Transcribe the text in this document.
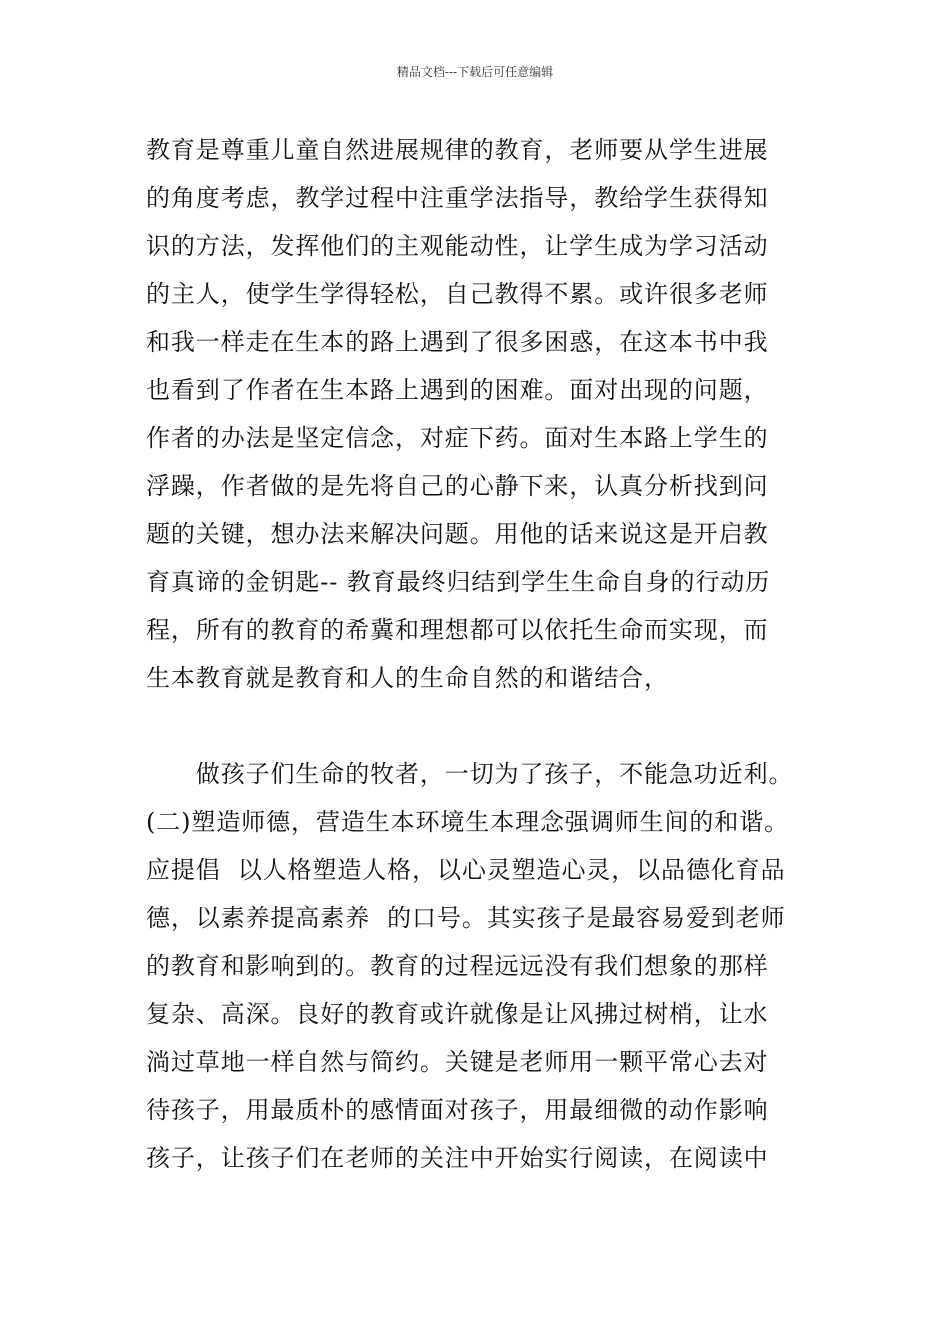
精品文档---下载后可任意编辑
教育是尊重儿童自然进展规律的教育，老师要从学生进展
的角度考虑，教学过程中注重学法指导，教给学生获得知
识的方法，发挥他们的主观能动性，让学生成为学习活动
的主人，使学生学得轻松，自己教得不累。或许很多老师
和我一样走在生本的路上遇到了很多困惑，在这本书中我
也看到了作者在生本路上遇到的困难。面对出现的问题，
作者的办法是坚定信念，对症下药。面对生本路上学生的
浮躁，作者做的是先将自己的心静下来，认真分析找到问
题的关键，想办法来解决问题。用他的话来说这是开启教
育真谛的金钥匙-- 教育最终归结到学生生命自身的行动历
程，所有的教育的希冀和理想都可以依托生命而实现，而
生本教育就是教育和人的生命自然的和谐结合，
　　做孩子们生命的牧者，一切为了孩子，不能急功近利。
(二)塑造师德，营造生本环境生本理念强调师生间的和谐。
应提倡  以人格塑造人格，以心灵塑造心灵，以品德化育品
德，以素养提高素养  的口号。其实孩子是最容易爱到老师
的教育和影响到的。教育的过程远远没有我们想象的那样
复杂、高深。良好的教育或许就像是让风拂过树梢，让水
淌过草地一样自然与简约。关键是老师用一颗平常心去对
待孩子，用最质朴的感情面对孩子，用最细微的动作影响
孩子，让孩子们在老师的关注中开始实行阅读，在阅读中
